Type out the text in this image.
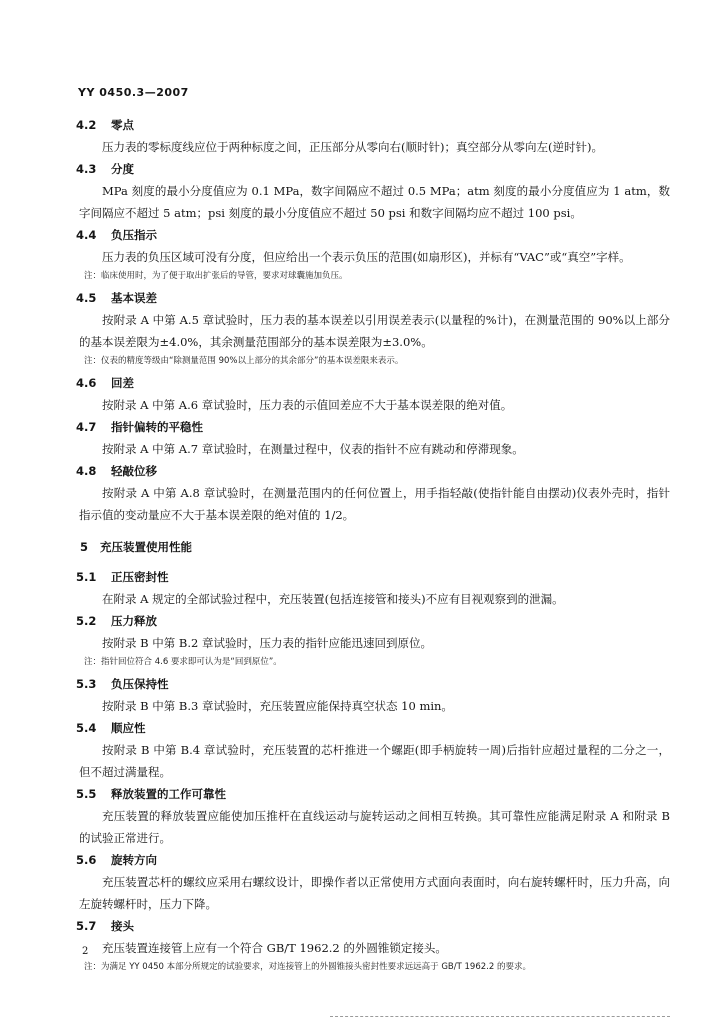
YY 0450.3—2007
4.2 零点

压力表的零标度线应位于两种标度之间，正压部分从零向右(顺时针)；真空部分从零向左(逆时针)。

4.3 分度

MPa 刻度的最小分度值应为 0.1 MPa，数字间隔应不超过 0.5 MPa；atm 刻度的最小分度值应为 1 atm，数字间隔应不超过 5 atm；psi 刻度的最小分度值应不超过 50 psi 和数字间隔均应不超过 100 psi。

4.4 负压指示

压力表的负压区域可没有分度，但应给出一个表示负压的范围(如扇形区)，并标有“VAC”或“真空”字样。

注：临床使用时，为了便于取出扩张后的导管，要求对球囊施加负压。

4.5 基本误差

按附录 A 中第 A.5 章试验时，压力表的基本误差以引用误差表示(以量程的%计)，在测量范围的 90%以上部分的基本误差限为±4.0%，其余测量范围部分的基本误差限为±3.0%。

注：仪表的精度等级由“除测量范围 90%以上部分的其余部分”的基本误差限来表示。

4.6 回差

按附录 A 中第 A.6 章试验时，压力表的示值回差应不大于基本误差限的绝对值。

4.7 指针偏转的平稳性

按附录 A 中第 A.7 章试验时，在测量过程中，仪表的指针不应有跳动和停滞现象。

4.8 轻敲位移

按附录 A 中第 A.8 章试验时，在测量范围内的任何位置上，用手指轻敲(使指针能自由摆动)仪表外壳时，指针指示值的变动量应不大于基本误差限的绝对值的 1/2。

5 充压装置使用性能
5.1 正压密封性

在附录 A 规定的全部试验过程中，充压装置(包括连接管和接头)不应有目视观察到的泄漏。

5.2 压力释放

按附录 B 中第 B.2 章试验时，压力表的指针应能迅速回到原位。

注：指针回位符合 4.6 要求即可认为是“回到原位”。

5.3 负压保持性

按附录 B 中第 B.3 章试验时，充压装置应能保持真空状态 10 min。

5.4 顺应性

按附录 B 中第 B.4 章试验时，充压装置的芯杆推进一个螺距(即手柄旋转一周)后指针应超过量程的二分之一，但不超过满量程。

5.5 释放装置的工作可靠性

充压装置的释放装置应能使加压推杆在直线运动与旋转运动之间相互转换。其可靠性应能满足附录 A 和附录 B 的试验正常进行。

5.6 旋转方向

充压装置芯杆的螺纹应采用右螺纹设计，即操作者以正常使用方式面向表面时，向右旋转螺杆时，压力升高，向左旋转螺杆时，压力下降。

5.7 接头

充压装置连接管上应有一个符合 GB/T 1962.2 的外圆锥锁定接头。

注：为满足 YY 0450 本部分所规定的试验要求，对连接管上的外圆锥接头密封性要求远远高于 GB/T 1962.2 的要求。

2
